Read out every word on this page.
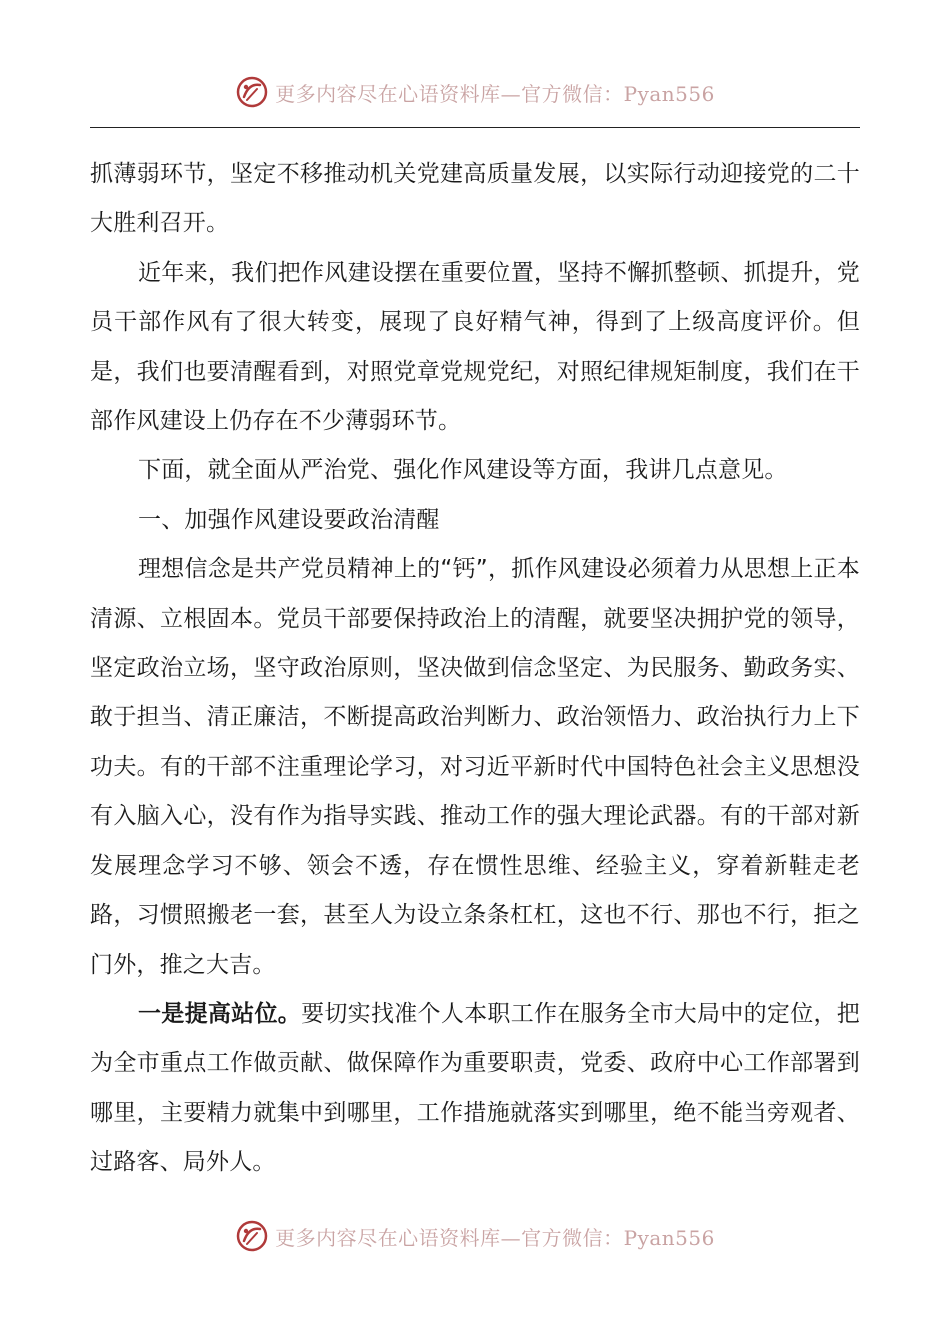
更多内容尽在心语资料库—官方微信：Pyan556

抓薄弱环节，坚定不移推动机关党建高质量发展，以实际行动迎接党的二十大胜利召开。

近年来，我们把作风建设摆在重要位置，坚持不懈抓整顿、抓提升，党员干部作风有了很大转变，展现了良好精气神，得到了上级高度评价。但是，我们也要清醒看到，对照党章党规党纪，对照纪律规矩制度，我们在干部作风建设上仍存在不少薄弱环节。

下面，就全面从严治党、强化作风建设等方面，我讲几点意见。

一、加强作风建设要政治清醒

理想信念是共产党员精神上的“钙”，抓作风建设必须着力从思想上正本清源、立根固本。党员干部要保持政治上的清醒，就要坚决拥护党的领导，坚定政治立场，坚守政治原则，坚决做到信念坚定、为民服务、勤政务实、敢于担当、清正廉洁，不断提高政治判断力、政治领悟力、政治执行力上下功夫。有的干部不注重理论学习，对习近平新时代中国特色社会主义思想没有入脑入心，没有作为指导实践、推动工作的强大理论武器。有的干部对新发展理念学习不够、领会不透，存在惯性思维、经验主义，穿着新鞋走老路，习惯照搬老一套，甚至人为设立条条杠杠，这也不行、那也不行，拒之门外，推之大吉。

一是提高站位。要切实找准个人本职工作在服务全市大局中的定位，把为全市重点工作做贡献、做保障作为重要职责，党委、政府中心工作部署到哪里，主要精力就集中到哪里，工作措施就落实到哪里，绝不能当旁观者、过路客、局外人。

更多内容尽在心语资料库—官方微信：Pyan556
